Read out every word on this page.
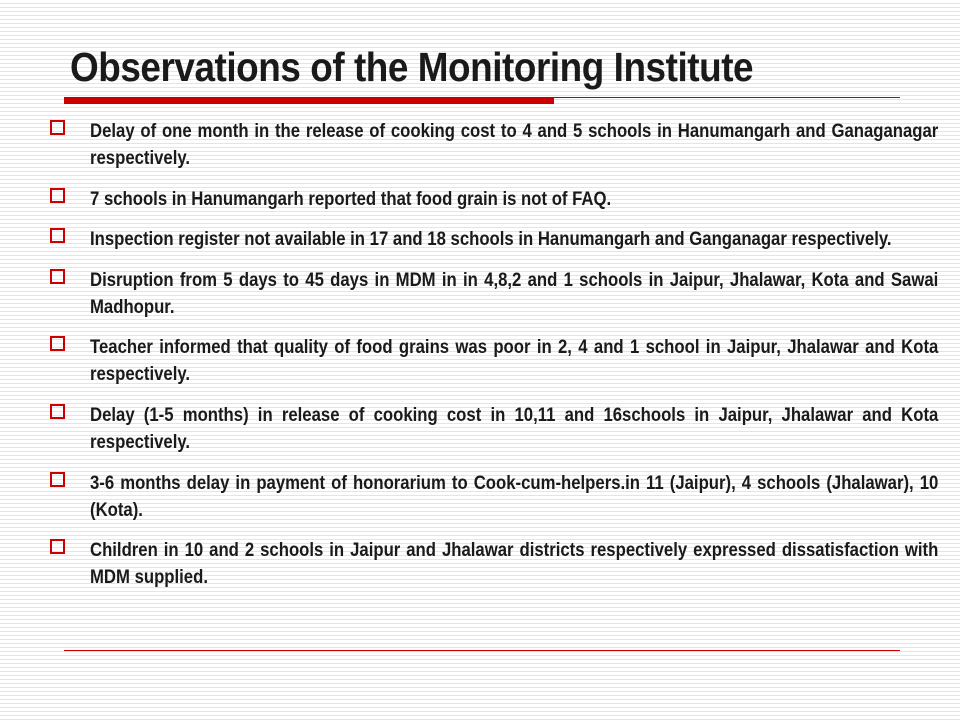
Observations of the Monitoring Institute
Delay of one month in the release of cooking cost to 4 and 5 schools in Hanumangarh and Ganaganagar respectively.
7 schools in Hanumangarh reported that food grain is not of FAQ.
Inspection register not available in 17 and 18 schools in Hanumangarh and Ganganagar respectively.
Disruption from 5 days to 45 days in MDM in in 4,8,2 and 1 schools in Jaipur, Jhalawar, Kota and Sawai Madhopur.
Teacher informed that quality of food grains was poor in 2, 4 and 1 school in Jaipur, Jhalawar and Kota respectively.
Delay (1-5 months) in release of cooking cost in 10,11 and 16schools in Jaipur, Jhalawar and Kota respectively.
3-6 months delay in payment of honorarium to Cook-cum-helpers.in 11 (Jaipur), 4 schools (Jhalawar), 10 (Kota).
Children in 10 and 2 schools in Jaipur and Jhalawar districts respectively expressed dissatisfaction with MDM supplied.
